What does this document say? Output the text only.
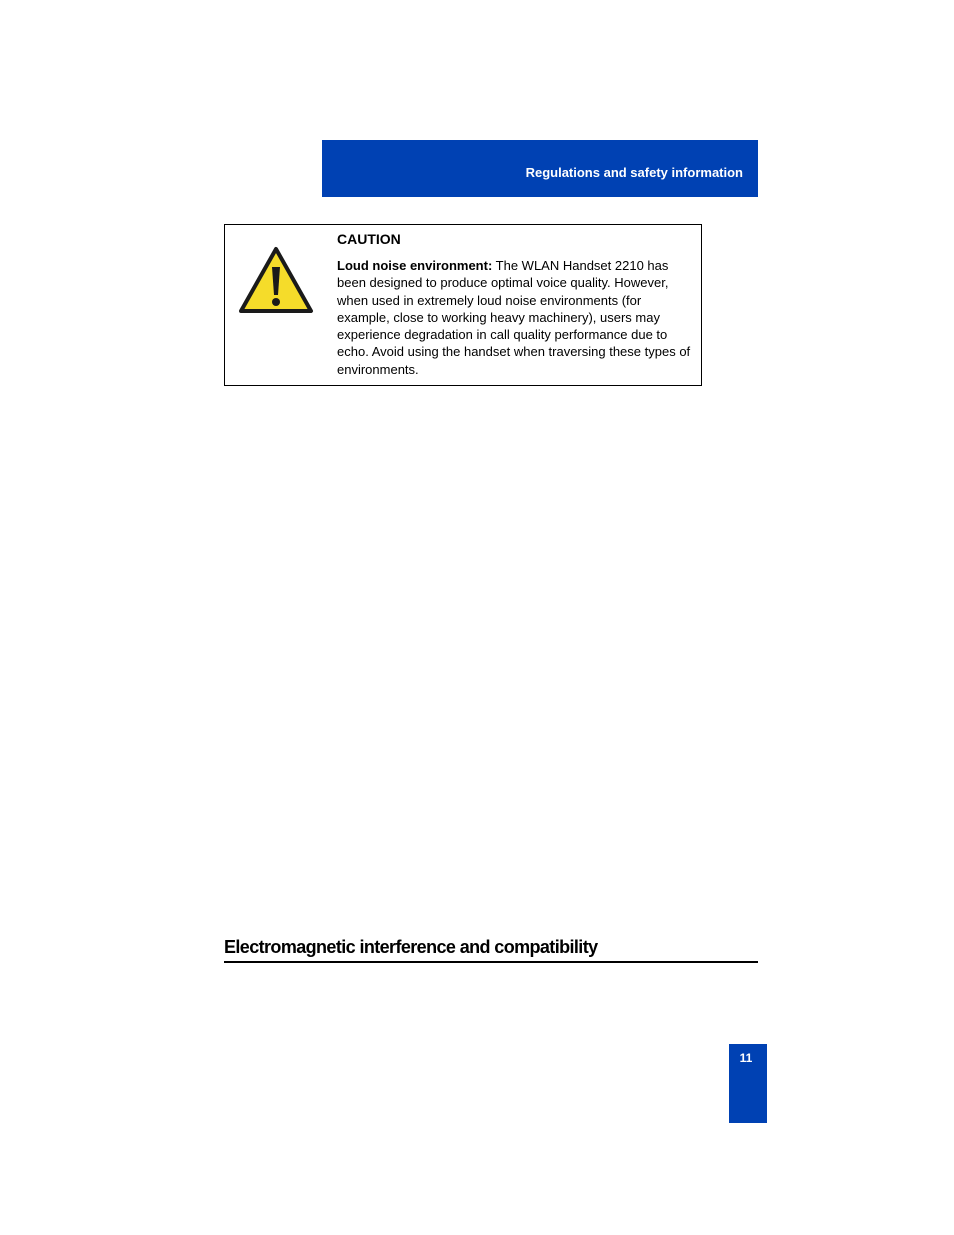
Regulations and safety information

CAUTION

Loud noise environment: The WLAN Handset 2210 has been designed to produce optimal voice quality. However, when used in extremely loud noise environments (for example, close to working heavy machinery), users may experience degradation in call quality performance due to echo. Avoid using the handset when traversing these types of environments.

Electromagnetic interference and compatibility
11
